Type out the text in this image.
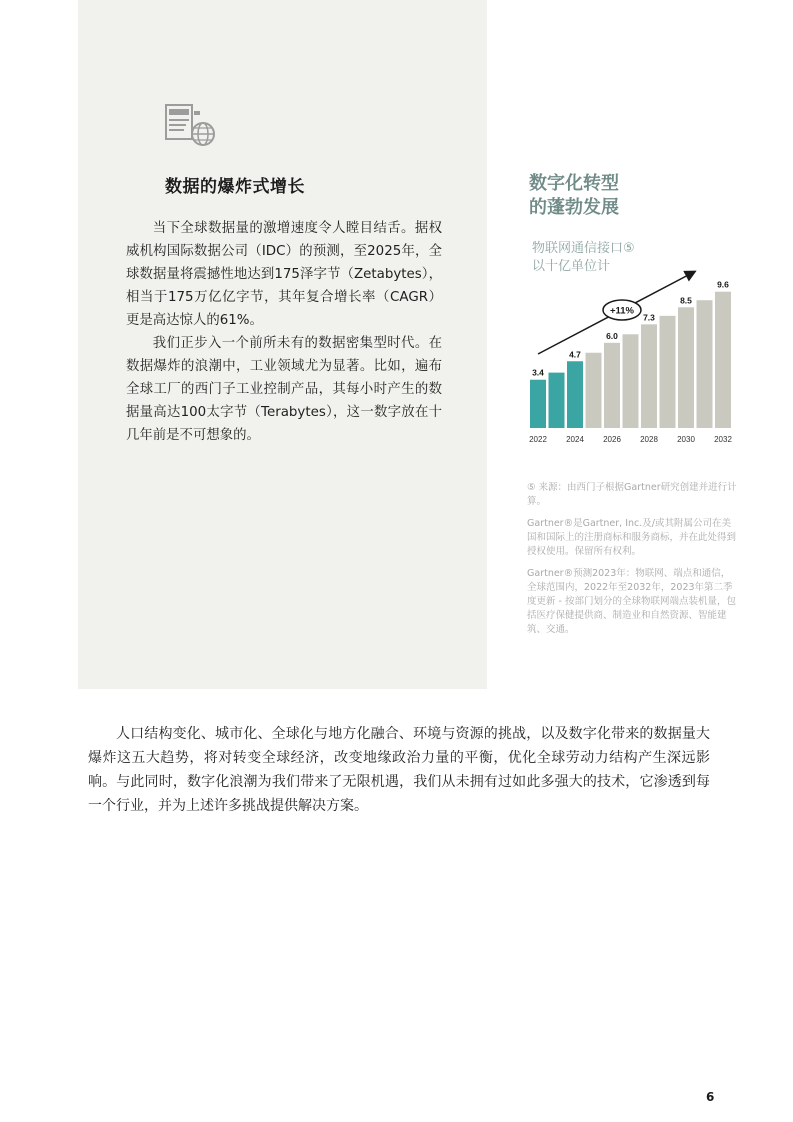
数据的爆炸式增长

当下全球数据量的激增速度令人瞠目结舌。据权威机构国际数据公司（IDC）的预测，至2025年，全球数据量将震撼性地达到175泽字节（Zetabytes），相当于175万亿亿字节，其年复合增长率（CAGR）更是高达惊人的61%。

我们正步入一个前所未有的数据密集型时代。在数据爆炸的浪潮中，工业领域尤为显著。比如，遍布全球工厂的西门子工业控制产品，其每小时产生的数据量高达100太字节（Terabytes），这一数字放在十几年前是不可想象的。

数字化转型
的蓬勃发展
物联网通信接口⑤
以十亿单位计
3.4
4.7
6.0
7.3
8.5
9.6
2022 2024 2026 2028 2030 2032
+11%

⑤ 来源：由西门子根据Gartner研究创建并进行计算。

Gartner®是Gartner, Inc.及/或其附属公司在美国和国际上的注册商标和服务商标，并在此处得到授权使用。保留所有权利。

Gartner®预测2023年：物联网、端点和通信，全球范围内，2022年至2032年，2023年第二季度更新 - 按部门划分的全球物联网端点装机量，包括医疗保健提供商、制造业和自然资源、智能建筑、交通。

人口结构变化、城市化、全球化与地方化融合、环境与资源的挑战，以及数字化带来的数据量大爆炸这五大趋势，将对转变全球经济，改变地缘政治力量的平衡，优化全球劳动力结构产生深远影响。与此同时，数字化浪潮为我们带来了无限机遇，我们从未拥有过如此多强大的技术，它渗透到每一个行业，并为上述许多挑战提供解决方案。

6
